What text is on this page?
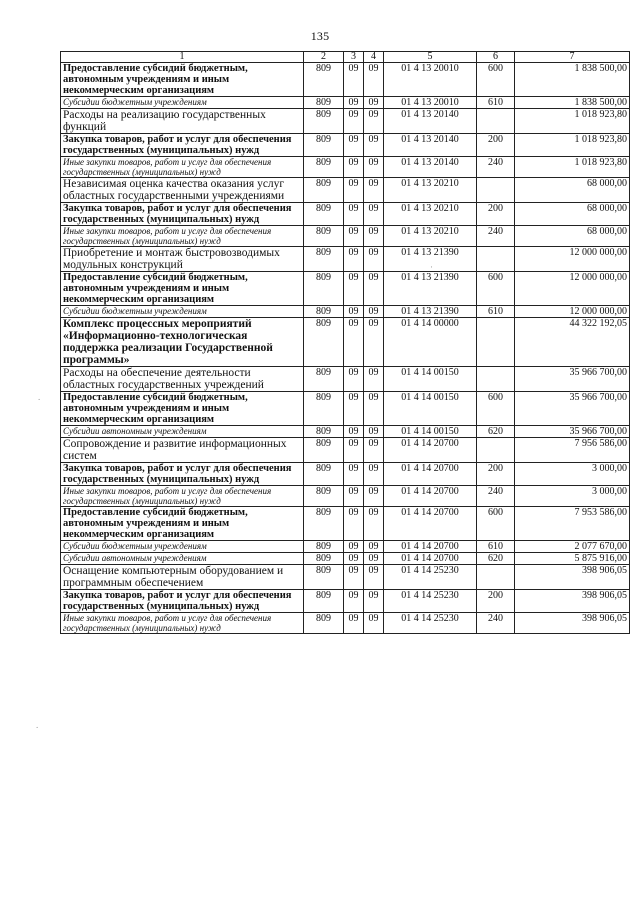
135
1	2	3	4	5	6	7
Предоставление субсидий бюджетным, автономным учреждениям и иным некоммерческим организациям	809	09	09	01 4 13 20010	600	1 838 500,00
Субсидии бюджетным учреждениям	809	09	09	01 4 13 20010	610	1 838 500,00
Расходы на реализацию государственных функций	809	09	09	01 4 13 20140		1 018 923,80
Закупка товаров, работ и услуг для обеспечения государственных (муниципальных) нужд	809	09	09	01 4 13 20140	200	1 018 923,80
Иные закупки товаров, работ и услуг для обеспечения государственных (муниципальных) нужд	809	09	09	01 4 13 20140	240	1 018 923,80
Независимая оценка качества оказания услуг областных государственными учреждениями	809	09	09	01 4 13 20210		68 000,00
Закупка товаров, работ и услуг для обеспечения государственных (муниципальных) нужд	809	09	09	01 4 13 20210	200	68 000,00
Иные закупки товаров, работ и услуг для обеспечения государственных (муниципальных) нужд	809	09	09	01 4 13 20210	240	68 000,00
Приобретение и монтаж быстровозводимых модульных конструкций	809	09	09	01 4 13 21390		12 000 000,00
Предоставление субсидий бюджетным, автономным учреждениям и иным некоммерческим организациям	809	09	09	01 4 13 21390	600	12 000 000,00
Субсидии бюджетным учреждениям	809	09	09	01 4 13 21390	610	12 000 000,00
Комплекс процессных мероприятий «Информационно-технологическая поддержка реализации Государственной программы»	809	09	09	01 4 14 00000		44 322 192,05
Расходы на обеспечение деятельности областных государственных учреждений	809	09	09	01 4 14 00150		35 966 700,00
Предоставление субсидий бюджетным, автономным учреждениям и иным некоммерческим организациям	809	09	09	01 4 14 00150	600	35 966 700,00
Субсидии автономным учреждениям	809	09	09	01 4 14 00150	620	35 966 700,00
Сопровождение и развитие информационных систем	809	09	09	01 4 14 20700		7 956 586,00
Закупка товаров, работ и услуг для обеспечения государственных (муниципальных) нужд	809	09	09	01 4 14 20700	200	3 000,00
Иные закупки товаров, работ и услуг для обеспечения государственных (муниципальных) нужд	809	09	09	01 4 14 20700	240	3 000,00
Предоставление субсидий бюджетным, автономным учреждениям и иным некоммерческим организациям	809	09	09	01 4 14 20700	600	7 953 586,00
Субсидии бюджетным учреждениям	809	09	09	01 4 14 20700	610	2 077 670,00
Субсидии автономным учреждениям	809	09	09	01 4 14 20700	620	5 875 916,00
Оснащение компьютерным оборудованием и программным обеспечением	809	09	09	01 4 14 25230		398 906,05
Закупка товаров, работ и услуг для обеспечения государственных (муниципальных) нужд	809	09	09	01 4 14 25230	200	398 906,05
Иные закупки товаров, работ и услуг для обеспечения государственных (муниципальных) нужд	809	09	09	01 4 14 25230	240	398 906,05
.
.
·
